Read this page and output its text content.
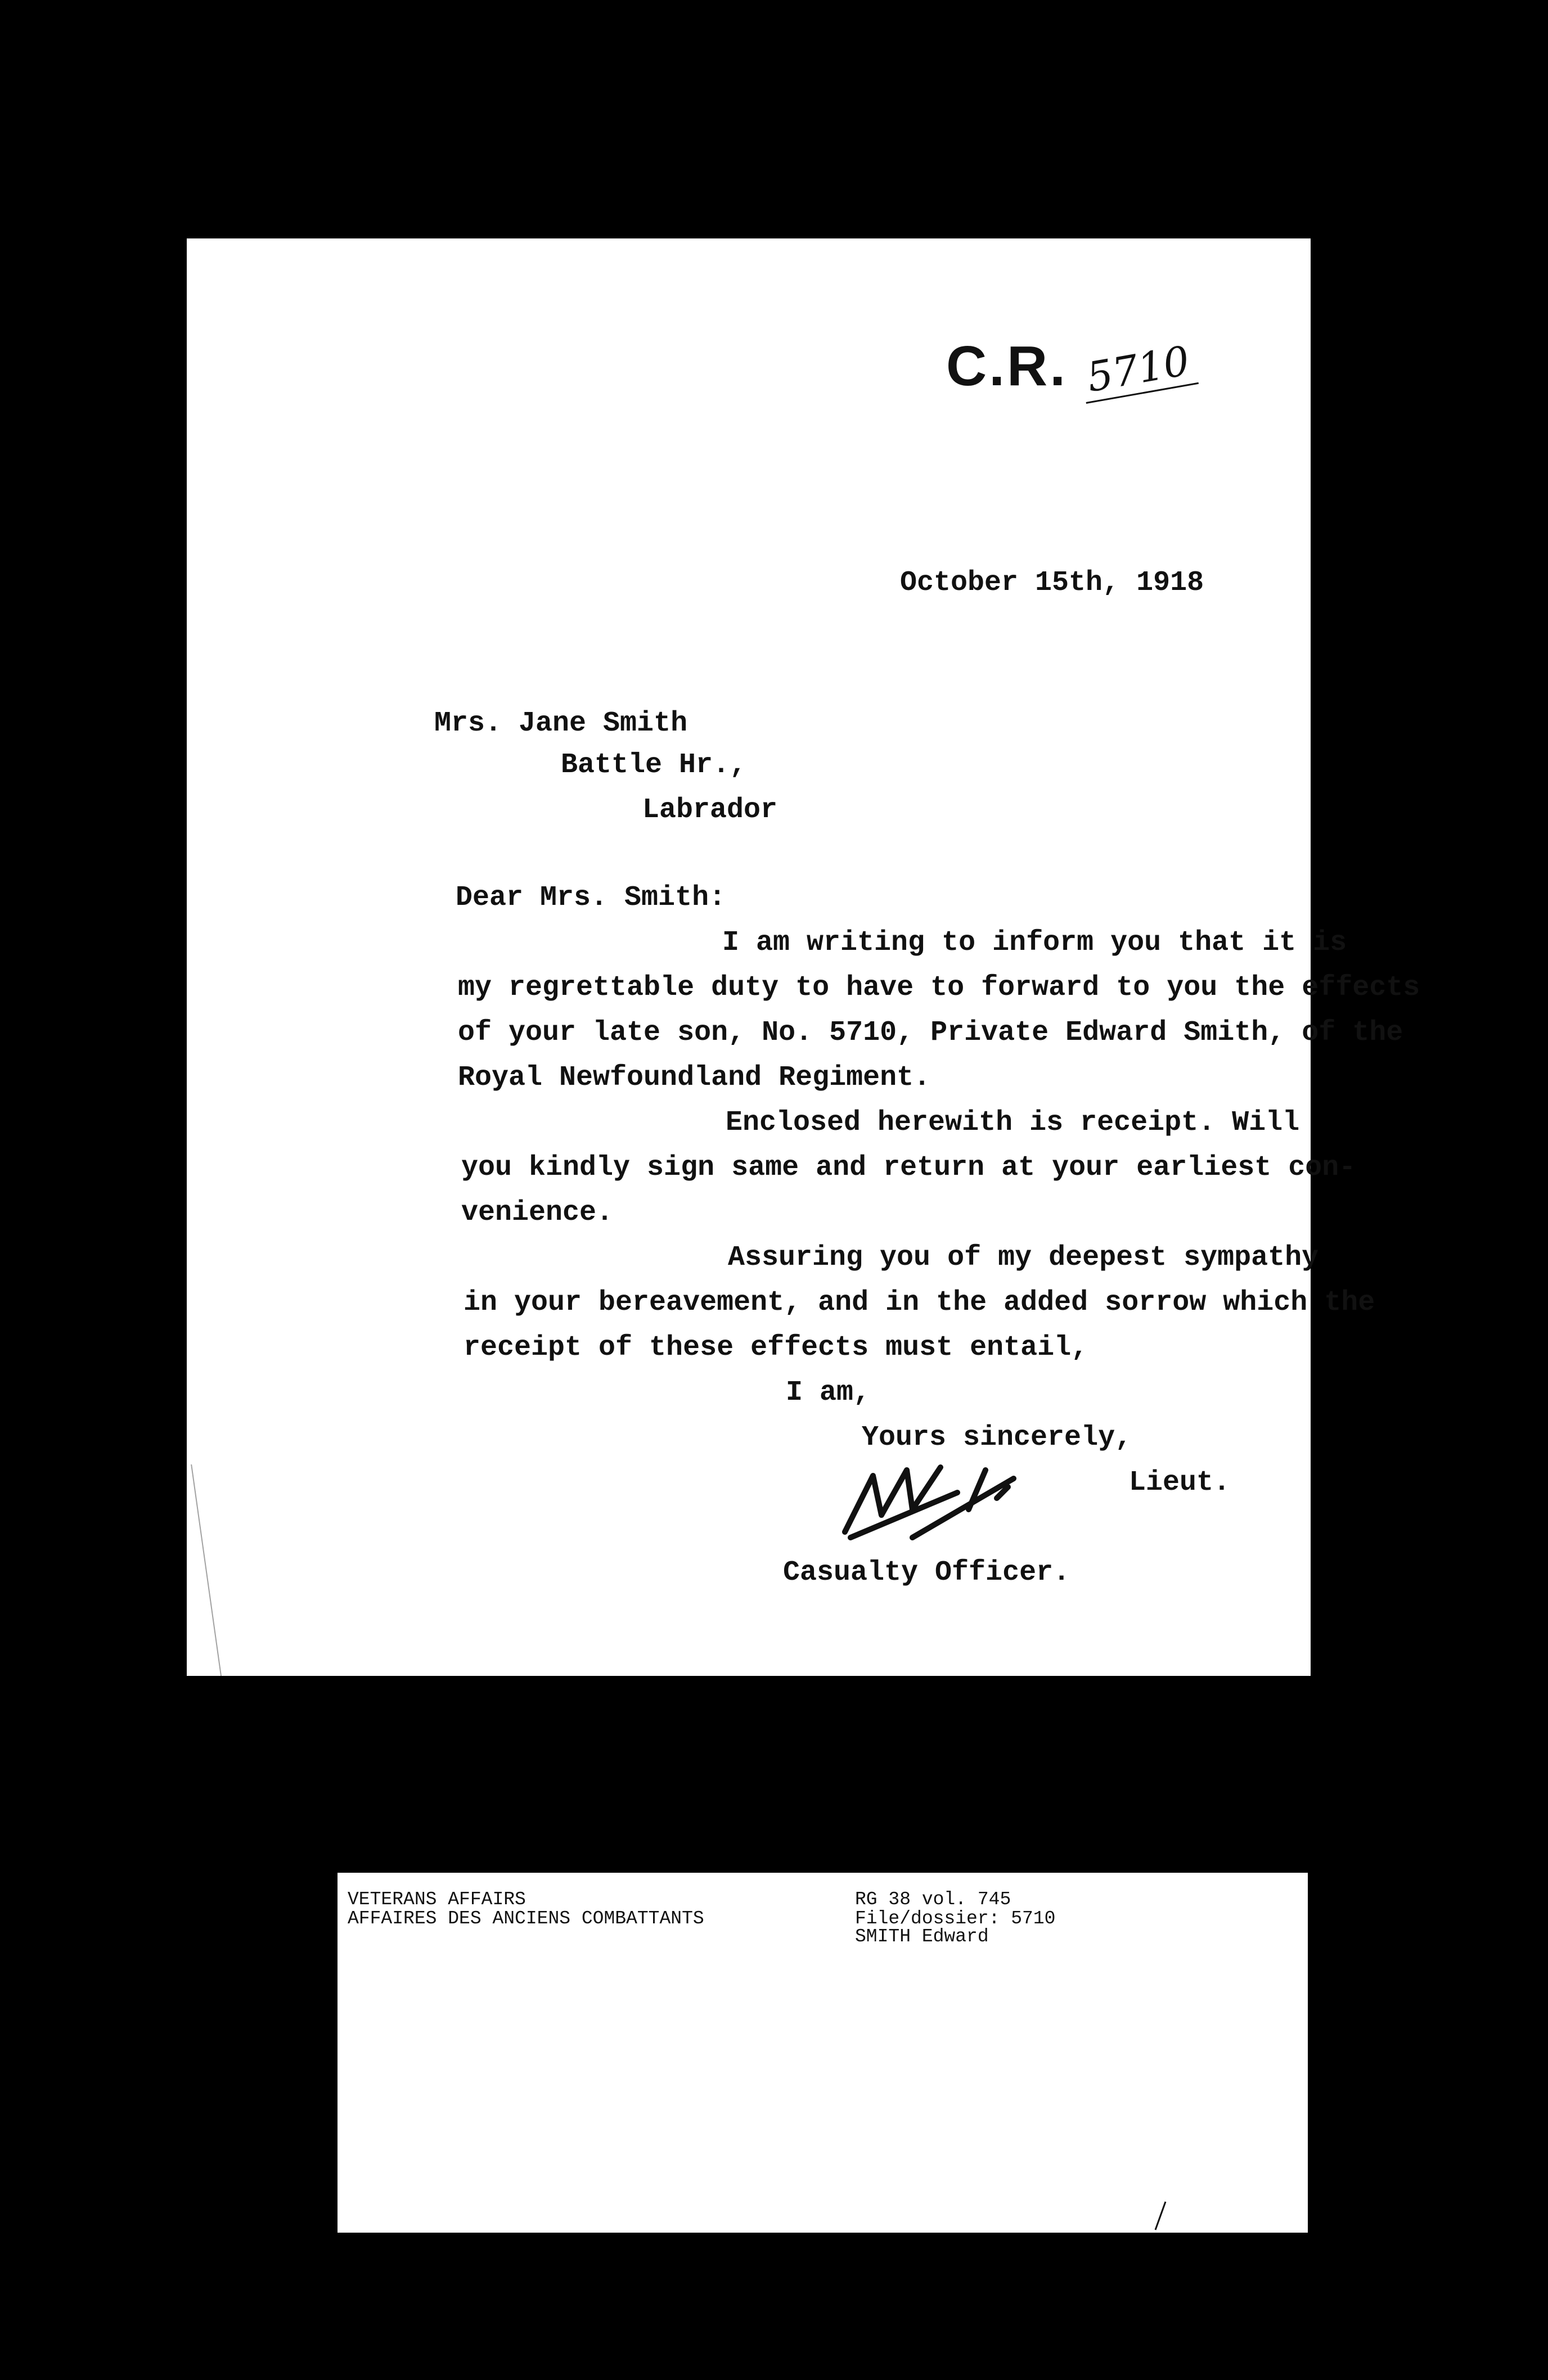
C.R. 5710
October 15th, 1918
Mrs. Jane Smith
Battle Hr.,
Labrador
Dear Mrs. Smith:
I am writing to inform you that it is
my regrettable duty to have to forward to you the effects
of your late son, No. 5710, Private Edward Smith, of the
Royal Newfoundland Regiment.
Enclosed herewith is receipt. Will
you kindly sign same and return at your earliest con-
venience.
Assuring you of my deepest sympathy
in your bereavement, and in the added sorrow which the
receipt of these effects must entail,
I am,
Yours sincerely,
Lieut.
Casualty Officer.
VETERANS AFFAIRS
AFFAIRES DES ANCIENS COMBATTANTS
RG 38 vol. 745
File/dossier: 5710
SMITH Edward
